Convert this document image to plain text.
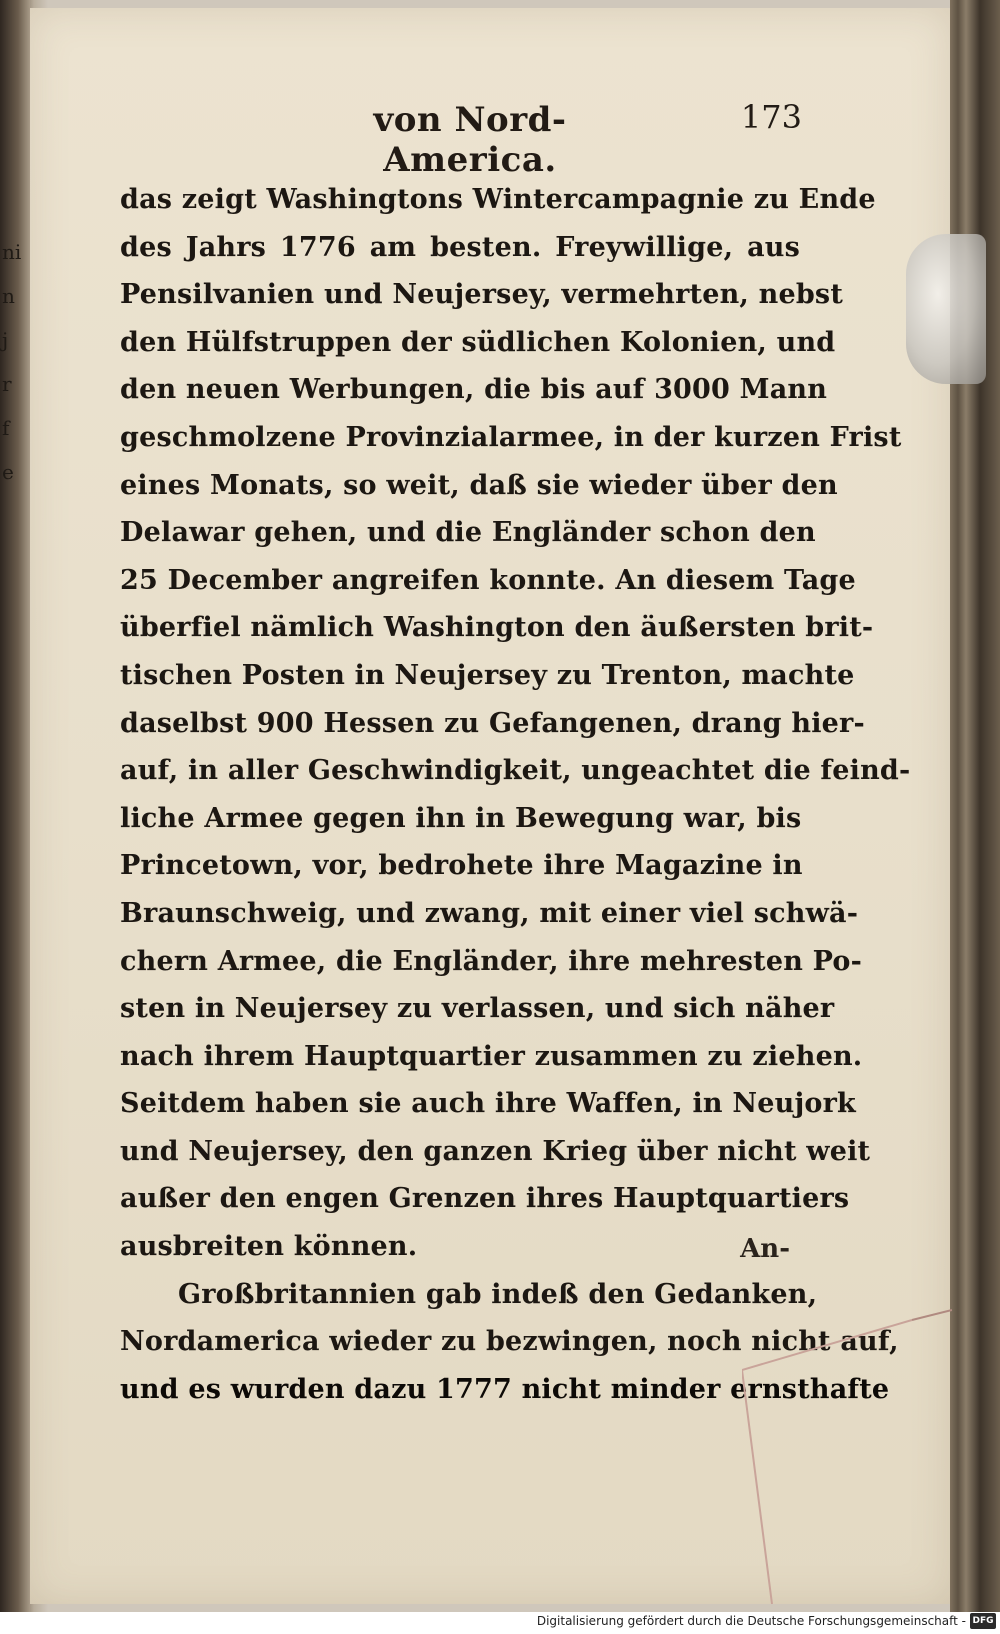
ni
n
j
r
f
e
von Nord-America.
173
das zeigt Washingtons Wintercampagnie zu Ende
des Jahrs 1776 am besten. Freywillige, aus
Pensilvanien und Neujersey, vermehrten, nebst
den Hülfstruppen der südlichen Kolonien, und
den neuen Werbungen, die bis auf 3000 Mann
geschmolzene Provinzialarmee, in der kurzen Frist
eines Monats, so weit, daß sie wieder über den
Delawar gehen, und die Engländer schon den
25 December angreifen konnte. An diesem Tage
überfiel nämlich Washington den äußersten brit-
tischen Posten in Neujersey zu Trenton, machte
daselbst 900 Hessen zu Gefangenen, drang hier-
auf, in aller Geschwindigkeit, ungeachtet die feind-
liche Armee gegen ihn in Bewegung war, bis
Princetown, vor, bedrohete ihre Magazine in
Braunschweig, und zwang, mit einer viel schwä-
chern Armee, die Engländer, ihre mehresten Po-
sten in Neujersey zu verlassen, und sich näher
nach ihrem Hauptquartier zusammen zu ziehen.
Seitdem haben sie auch ihre Waffen, in Neujork
und Neujersey, den ganzen Krieg über nicht weit
außer den engen Grenzen ihres Hauptquartiers
ausbreiten können.
Großbritannien gab indeß den Gedanken,
Nordamerica wieder zu bezwingen, noch nicht auf,
und es wurden dazu 1777 nicht minder ernsthafte
An-
Digitalisierung gefördert durch die Deutsche Forschungsgemeinschaft - DFG
